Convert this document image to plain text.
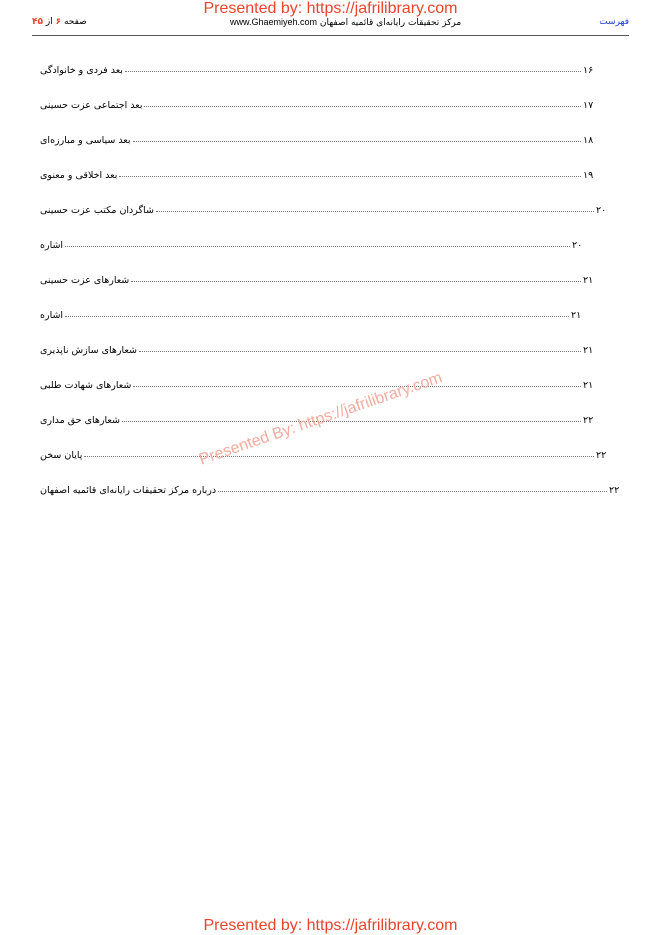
Presented by: https://jafrilibrary.com
فهرست
مرکز تحقیقات رایانه‌ای قائمیه اصفهان www.Ghaemiyeh.com
صفحه ۶ از ۴۵
بعد فردی و خانوادگی	۱۶
بعد اجتماعی عزت حسینی	۱۷
بعد سیاسی و مبارزه‌ای	۱۸
بعد اخلاقی و معنوی	۱۹
شاگردان مکتب عزت حسینی	۲۰
اشاره	۲۰
شعارهای عزت حسینی	۲۱
اشاره	۲۱
شعارهای سازش ناپذیری	۲۱
شعارهای شهادت طلبی	۲۱
شعارهای حق مداری	۲۲
پایان سخن	۲۲
درباره مرکز تحقیقات رایانه‌ای قائمیه اصفهان	۲۲
Presented By: https://jafrilibrary.com
Presented by: https://jafrilibrary.com
